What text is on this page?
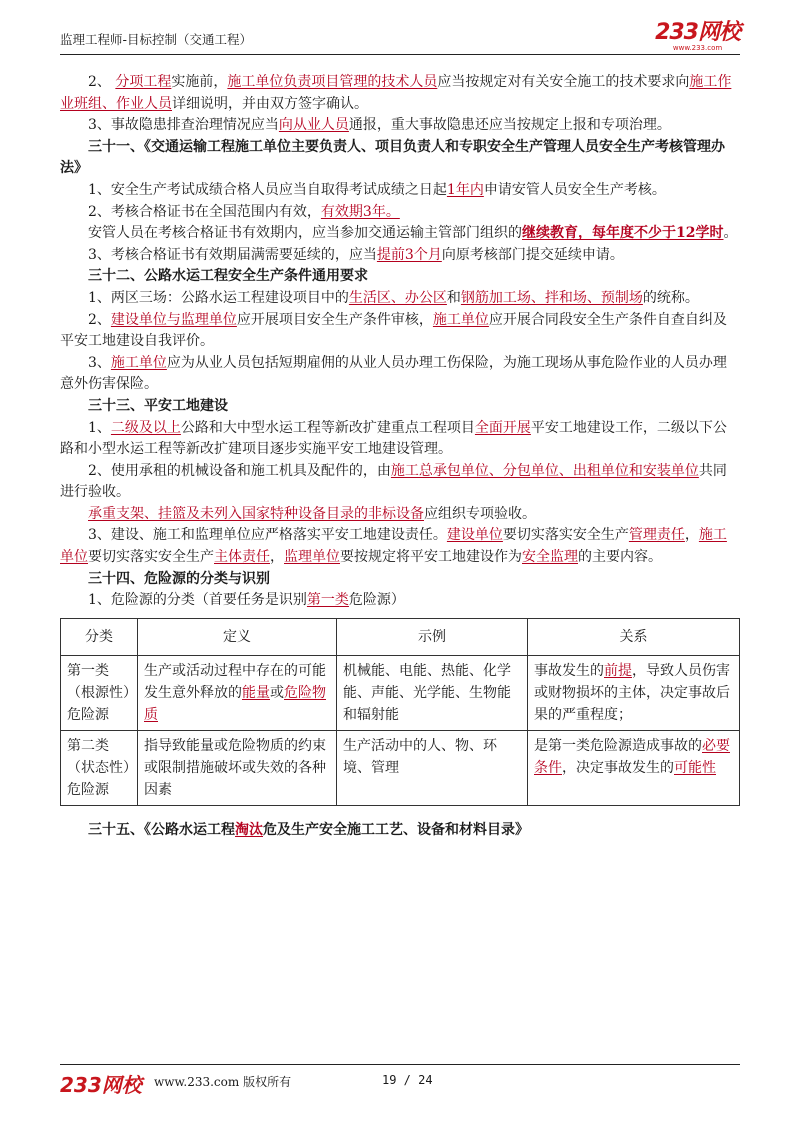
监理工程师-目标控制（交通工程）	233网校
www.233.com

2、 分项工程实施前，施工单位负责项目管理的技术人员应当按规定对有关安全施工的技术要求向施工作业班组、作业人员详细说明，并由双方签字确认。

3、事故隐患排查治理情况应当向从业人员通报，重大事故隐患还应当按规定上报和专项治理。

三十一、《交通运输工程施工单位主要负责人、项目负责人和专职安全生产管理人员安全生产考核管理办法》

1、安全生产考试成绩合格人员应当自取得考试成绩之日起1年内申请安管人员安全生产考核。

2、考核合格证书在全国范围内有效，有效期3年。

安管人员在考核合格证书有效期内，应当参加交通运输主管部门组织的继续教育，每年度不少于12学时。

3、考核合格证书有效期届满需要延续的，应当提前3个月向原考核部门提交延续申请。

三十二、公路水运工程安全生产条件通用要求

1、两区三场：公路水运工程建设项目中的生活区、办公区和钢筋加工场、拌和场、预制场的统称。

2、建设单位与监理单位应开展项目安全生产条件审核，施工单位应开展合同段安全生产条件自查自纠及平安工地建设自我评价。

3、施工单位应为从业人员包括短期雇佣的从业人员办理工伤保险，为施工现场从事危险作业的人员办理意外伤害保险。

三十三、平安工地建设

1、二级及以上公路和大中型水运工程等新改扩建重点工程项目全面开展平安工地建设工作，二级以下公路和小型水运工程等新改扩建项目逐步实施平安工地建设管理。

2、使用承租的机械设备和施工机具及配件的，由施工总承包单位、分包单位、出租单位和安装单位共同进行验收。

承重支架、挂篮及未列入国家特种设备目录的非标设备应组织专项验收。

3、建设、施工和监理单位应严格落实平安工地建设责任。建设单位要切实落实安全生产管理责任，施工单位要切实落实安全生产主体责任，监理单位要按规定将平安工地建设作为安全监理的主要内容。

三十四、危险源的分类与识别

1、危险源的分类（首要任务是识别第一类危险源）

分类	定义	示例	关系
第一类（根源性）危险源	生产或活动过程中存在的可能发生意外释放的能量或危险物质	机械能、电能、热能、化学能、声能、光学能、生物能和辐射能	事故发生的前提，导致人员伤害或财物损坏的主体，决定事故后果的严重程度；
第二类（状态性）危险源	指导致能量或危险物质的约束或限制措施破坏或失效的各种因素	生产活动中的人、物、环境、管理	是第一类危险源造成事故的必要条件，决定事故发生的可能性

三十五、《公路水运工程淘汰危及生产安全施工工艺、设备和材料目录》

233网校 www.233.com 版权所有	19 / 24
